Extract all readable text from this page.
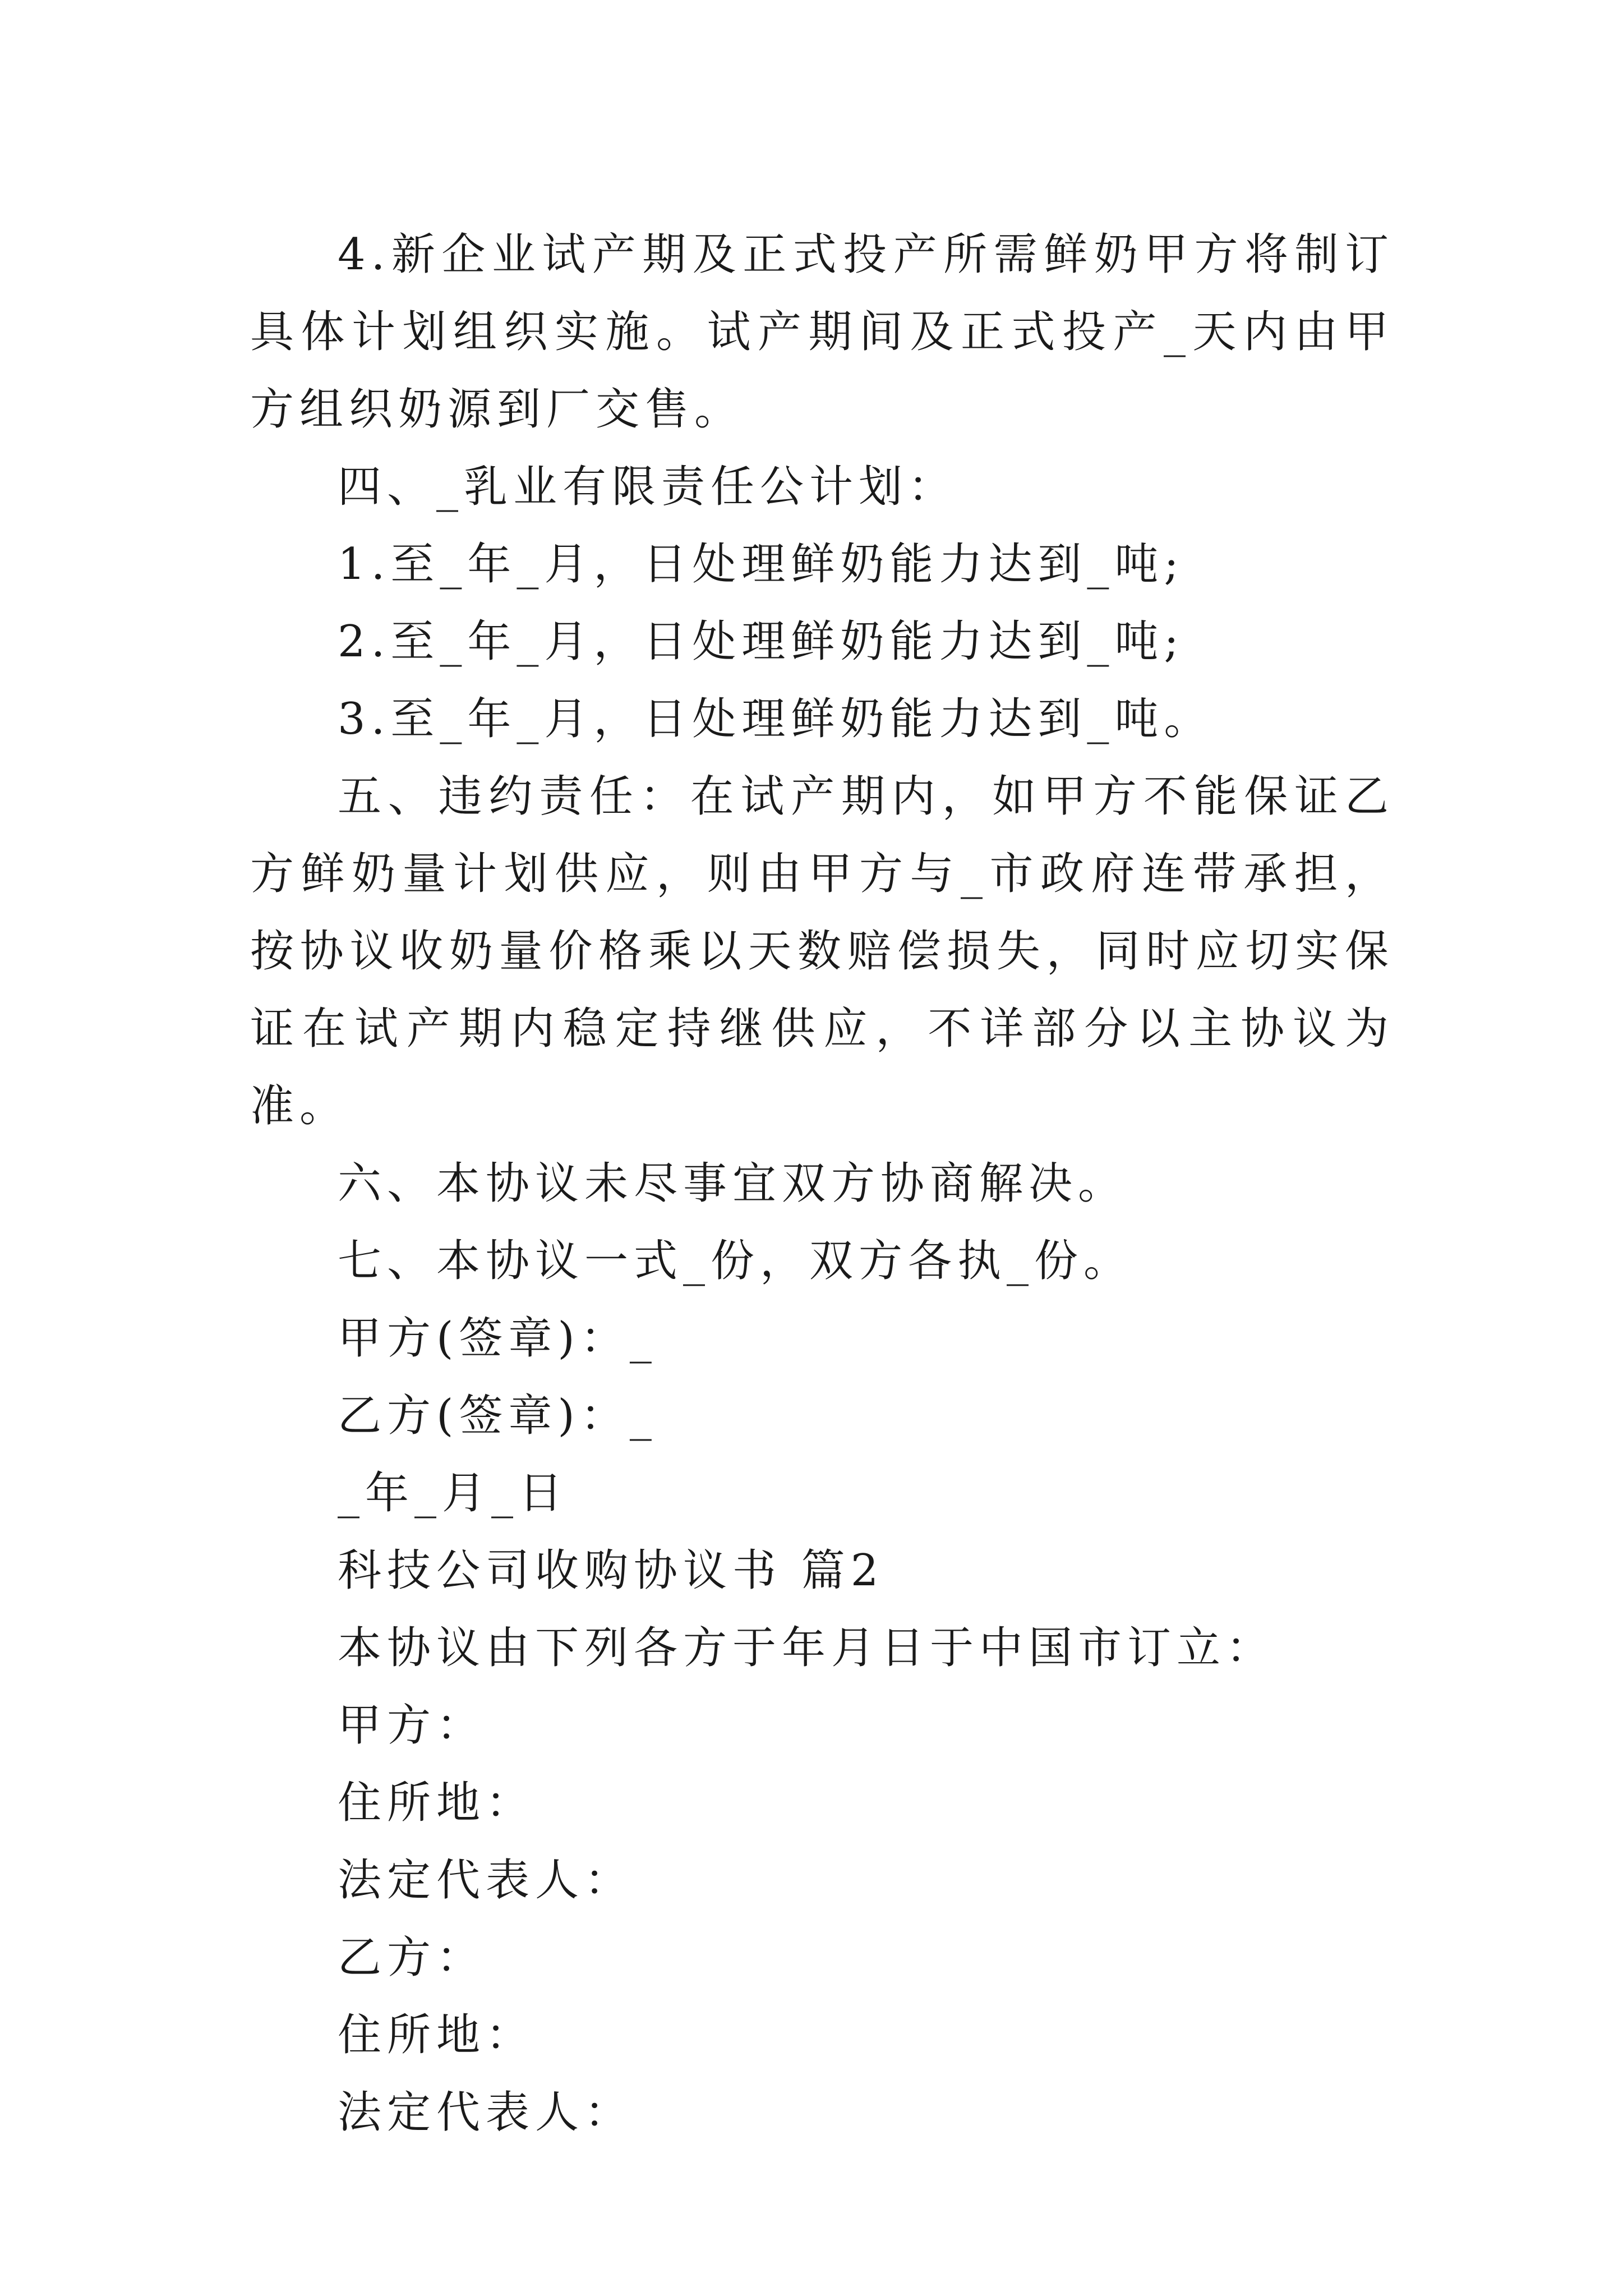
4.新企业试产期及正式投产所需鲜奶甲方将制订具体计划组织实施。试产期间及正式投产_天内由甲方组织奶源到厂交售。

四、_乳业有限责任公计划：

1.至_年_月，日处理鲜奶能力达到_吨;

2.至_年_月，日处理鲜奶能力达到_吨;

3.至_年_月，日处理鲜奶能力达到_吨。

五、违约责任：在试产期内，如甲方不能保证乙方鲜奶量计划供应，则由甲方与_市政府连带承担，按协议收奶量价格乘以天数赔偿损失，同时应切实保证在试产期内稳定持继供应，不详部分以主协议为准。

六、本协议未尽事宜双方协商解决。

七、本协议一式_份，双方各执_份。

甲方(签章)：_

乙方(签章)：_

_年_月_日

科技公司收购协议书 篇2

本协议由下列各方于年月日于中国市订立：

甲方：

住所地：

法定代表人：

乙方：

住所地：

法定代表人：
